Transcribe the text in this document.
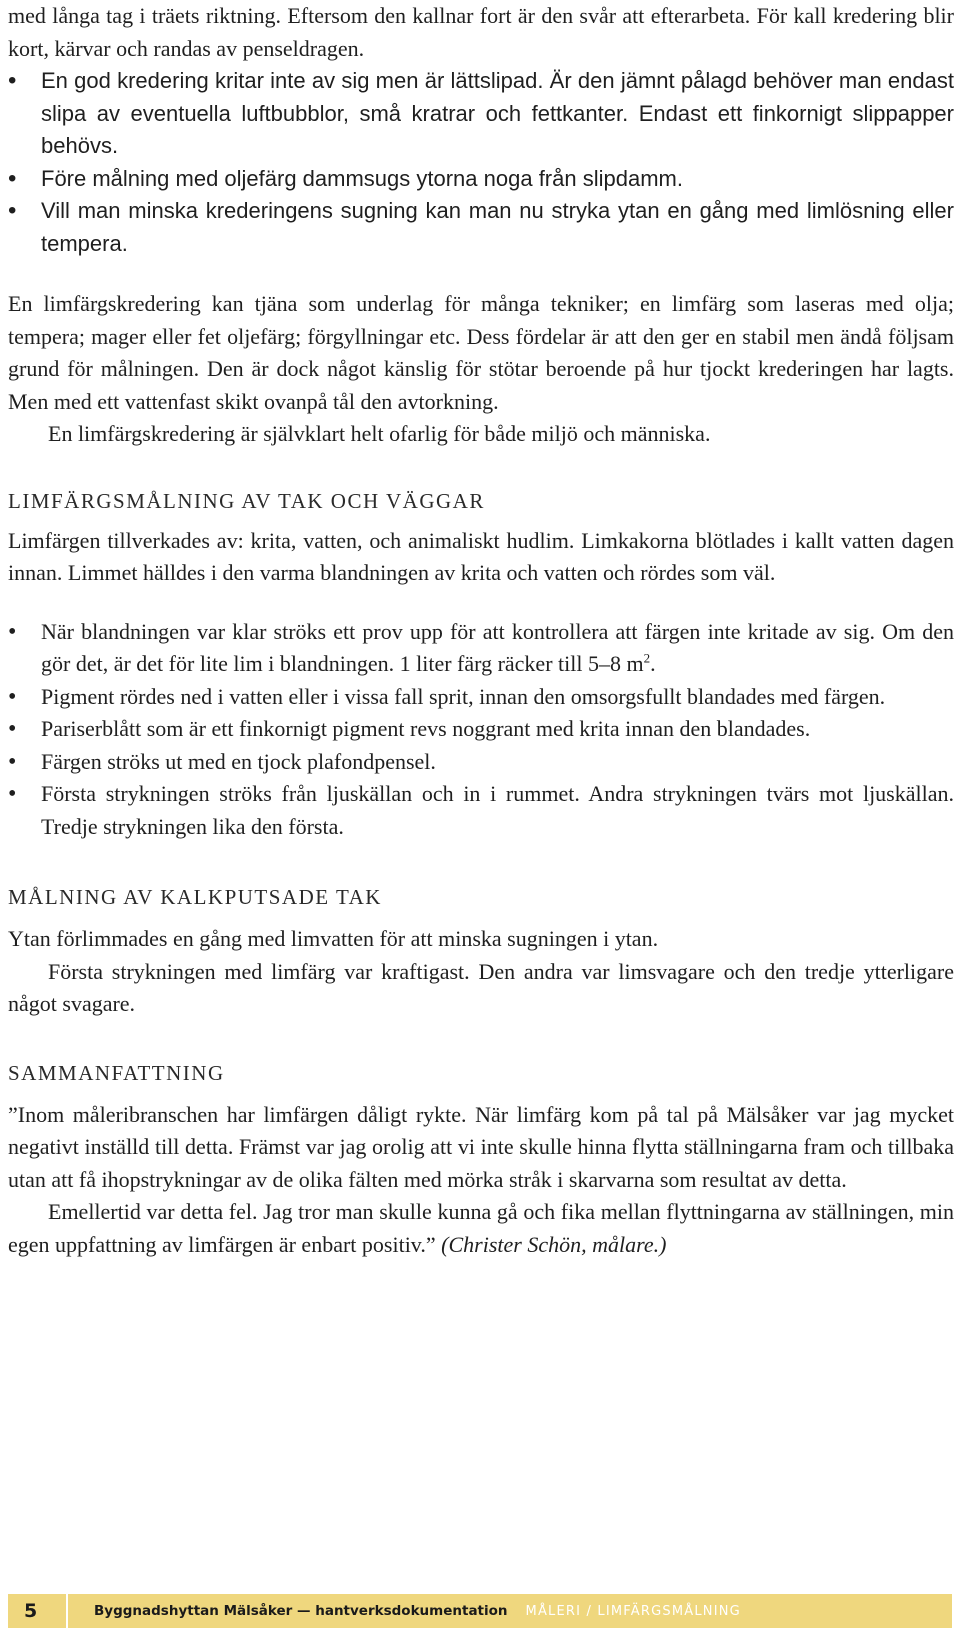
med långa tag i träets riktning. Eftersom den kallnar fort är den svår att efterarbeta. För kall kredering blir kort, kärvar och randas av penseldragen.

• En god kredering kritar inte av sig men är lättslipad. Är den jämnt pålagd behöver man endast slipa av eventuella luftbubblor, små kratrar och fettkanter. Endast ett finkornigt slippapper behövs.
• Före målning med oljefärg dammsugs ytorna noga från slipdamm.
• Vill man minska krederingens sugning kan man nu stryka ytan en gång med limlösning eller tempera.

En limfärgskredering kan tjäna som underlag för många tekniker; en limfärg som laseras med olja; tempera; mager eller fet oljefärg; förgyllningar etc. Dess fördelar är att den ger en stabil men ändå följsam grund för målningen. Den är dock något känslig för stötar beroende på hur tjockt krederingen har lagts. Men med ett vattenfast skikt ovanpå tål den avtorkning.

En limfärgskredering är självklart helt ofarlig för både miljö och människa.

LIMFÄRGSMÅLNING AV TAK OCH VÄGGAR

Limfärgen tillverkades av: krita, vatten, och animaliskt hudlim. Limkakorna blötlades i kallt vatten dagen innan. Limmet hälldes i den varma blandningen av krita och vatten och rördes som väl.

• När blandningen var klar ströks ett prov upp för att kontrollera att färgen inte kritade av sig. Om den gör det, är det för lite lim i blandningen. 1 liter färg räcker till 5–8 $m^2$.
• Pigment rördes ned i vatten eller i vissa fall sprit, innan den omsorgsfullt blandades med färgen.
• Pariserblått som är ett finkornigt pigment revs noggrant med krita innan den blandades.
• Färgen ströks ut med en tjock plafondpensel.
• Första strykningen ströks från ljuskällan och in i rummet. Andra strykningen tvärs mot ljuskällan. Tredje strykningen lika den första.
MÅLNING AV KALKPUTSADE TAK

Ytan förlimmades en gång med limvatten för att minska sugningen i ytan.

Första strykningen med limfärg var kraftigast. Den andra var limsvagare och den tredje ytterligare något svagare.

SAMMANFATTNING

”Inom måleribranschen har limfärgen dåligt rykte. När limfärg kom på tal på Mälsåker var jag mycket negativt inställd till detta. Främst var jag orolig att vi inte skulle hinna flytta ställningarna fram och tillbaka utan att få ihopstrykningar av de olika fälten med mörka stråk i skarvarna som resultat av detta.

Emellertid var detta fel. Jag tror man skulle kunna gå och fika mellan flyttningarna av ställningen, min egen uppfattning av limfärgen är enbart positiv.” (Christer Schön, målare.)

5	Byggnadshyttan Mälsåker — hantverksdokumentation MÅLERI / LIMFÄRGSMÅLNING
